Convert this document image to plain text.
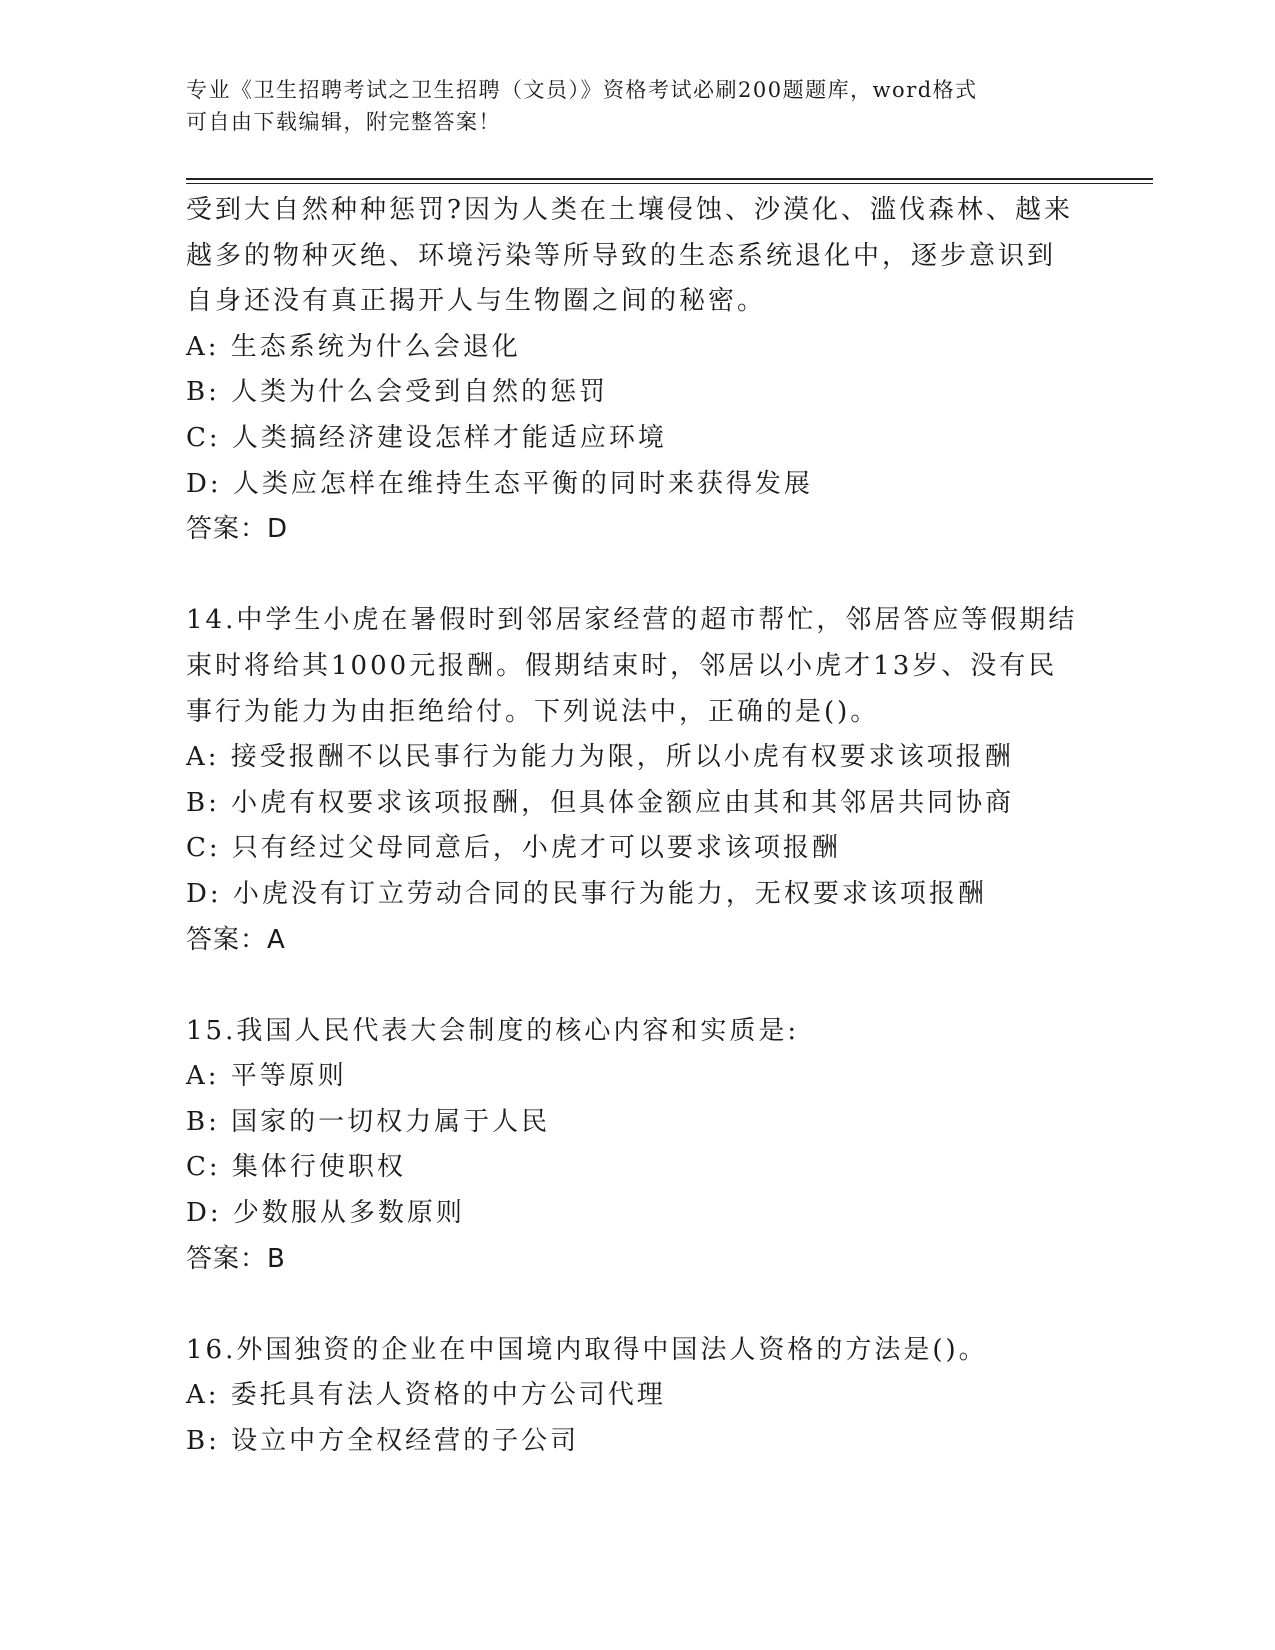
专业《卫生招聘考试之卫生招聘（文员）》资格考试必刷200题题库，word格式
可自由下载编辑，附完整答案！
受到大自然种种惩罚?因为人类在土壤侵蚀、沙漠化、滥伐森林、越来
越多的物种灭绝、环境污染等所导致的生态系统退化中，逐步意识到
自身还没有真正揭开人与生物圈之间的秘密。
A: 生态系统为什么会退化
B: 人类为什么会受到自然的惩罚
C: 人类搞经济建设怎样才能适应环境
D: 人类应怎样在维持生态平衡的同时来获得发展
答案：D
14.中学生小虎在暑假时到邻居家经营的超市帮忙，邻居答应等假期结
束时将给其1000元报酬。假期结束时，邻居以小虎才13岁、没有民
事行为能力为由拒绝给付。下列说法中，正确的是()。
A: 接受报酬不以民事行为能力为限，所以小虎有权要求该项报酬
B: 小虎有权要求该项报酬，但具体金额应由其和其邻居共同协商
C: 只有经过父母同意后，小虎才可以要求该项报酬
D: 小虎没有订立劳动合同的民事行为能力，无权要求该项报酬
答案：A
15.我国人民代表大会制度的核心内容和实质是:
A: 平等原则
B: 国家的一切权力属于人民
C: 集体行使职权
D: 少数服从多数原则
答案：B
16.外国独资的企业在中国境内取得中国法人资格的方法是()。
A: 委托具有法人资格的中方公司代理
B: 设立中方全权经营的子公司
